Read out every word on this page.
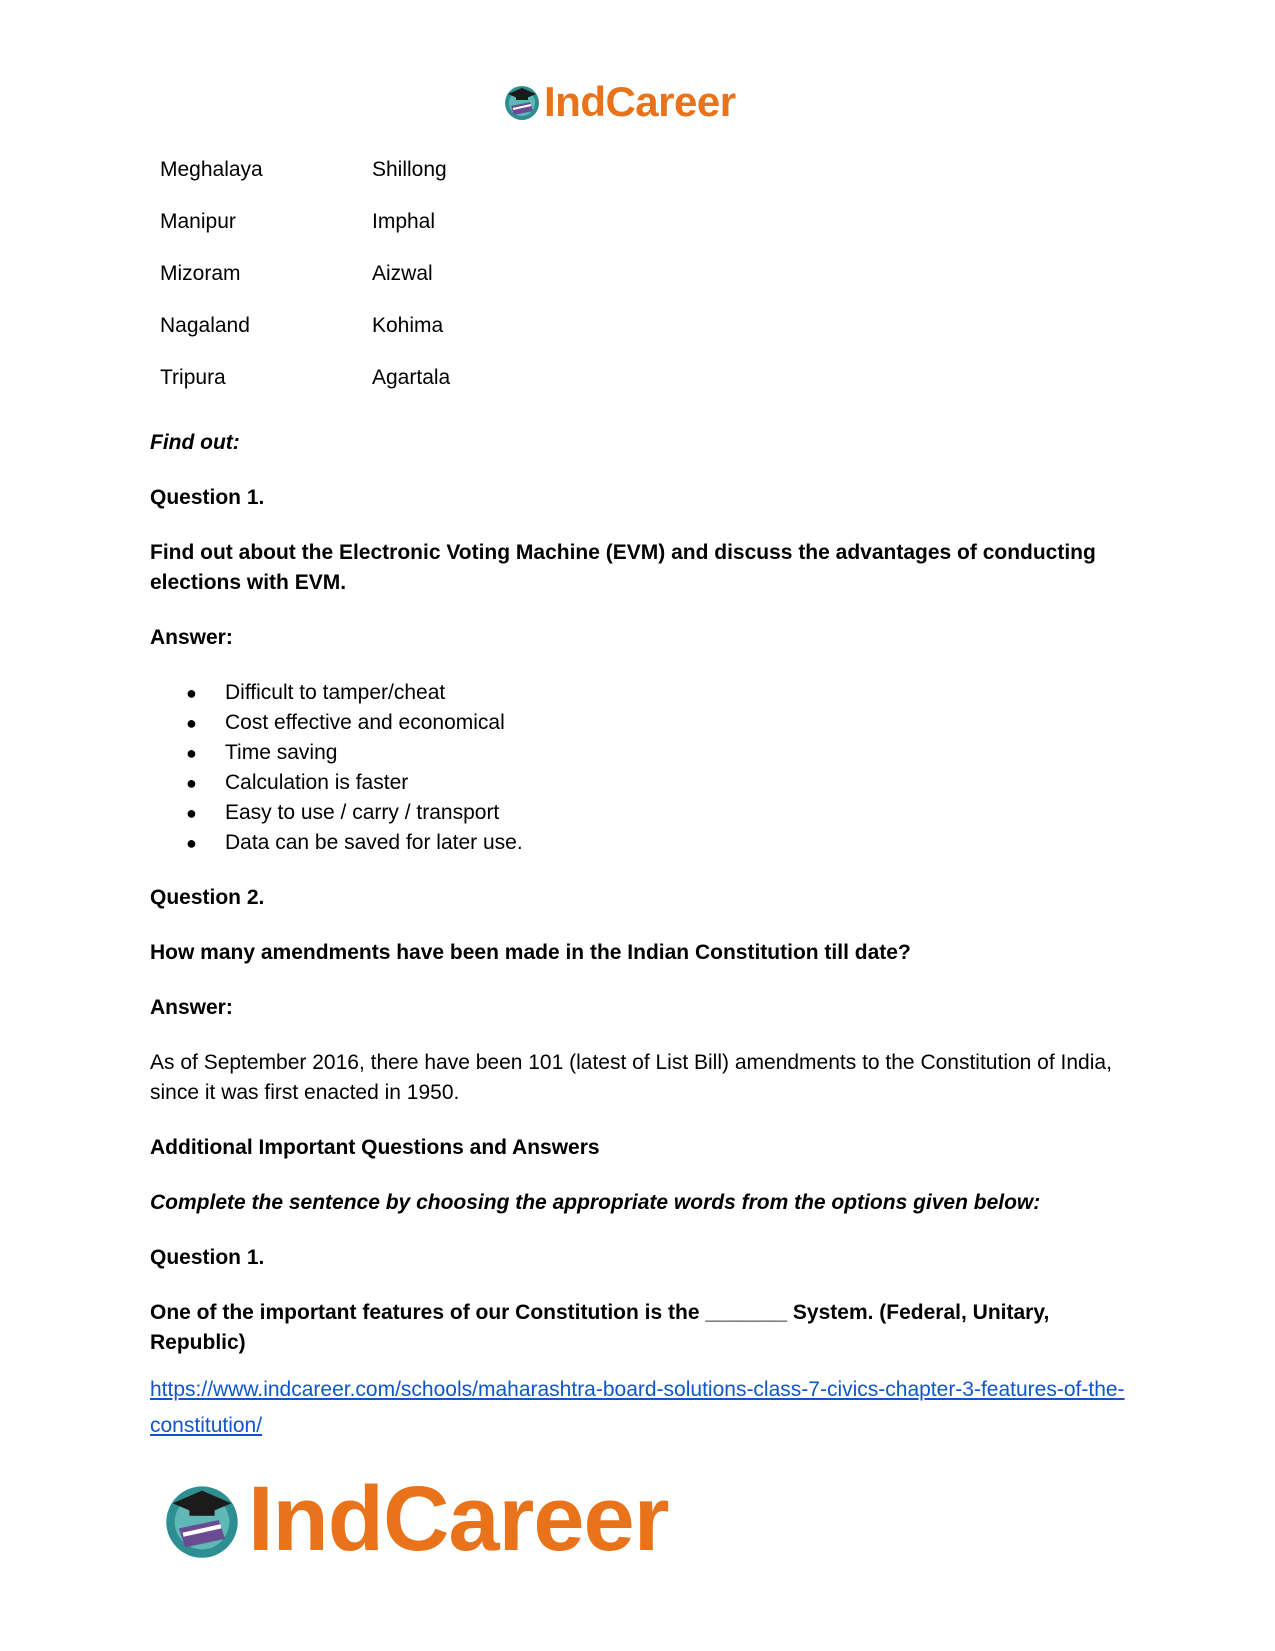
IndCareer
Meghalaya	Shillong
Manipur	Imphal
Mizoram	Aizwal
Nagaland	Kohima
Tripura	Agartala

Find out:

Question 1.

Find out about the Electronic Voting Machine (EVM) and discuss the advantages of conducting elections with EVM.

Answer:

●	Difficult to tamper/cheat
●	Cost effective and economical
●	Time saving
●	Calculation is faster
●	Easy to use / carry / transport
●	Data can be saved for later use.

Question 2.

How many amendments have been made in the Indian Constitution till date?

Answer:

As of September 2016, there have been 101 (latest of List Bill) amendments to the Constitution of India, since it was first enacted in 1950.

Additional Important Questions and Answers

Complete the sentence by choosing the appropriate words from the options given below:

Question 1.

One of the important features of our Constitution is the _______ System. (Federal, Unitary, Republic)

https://www.indcareer.com/schools/maharashtra-board-solutions-class-7-civics-chapter-3-features-of-the-constitution/
IndCareer
